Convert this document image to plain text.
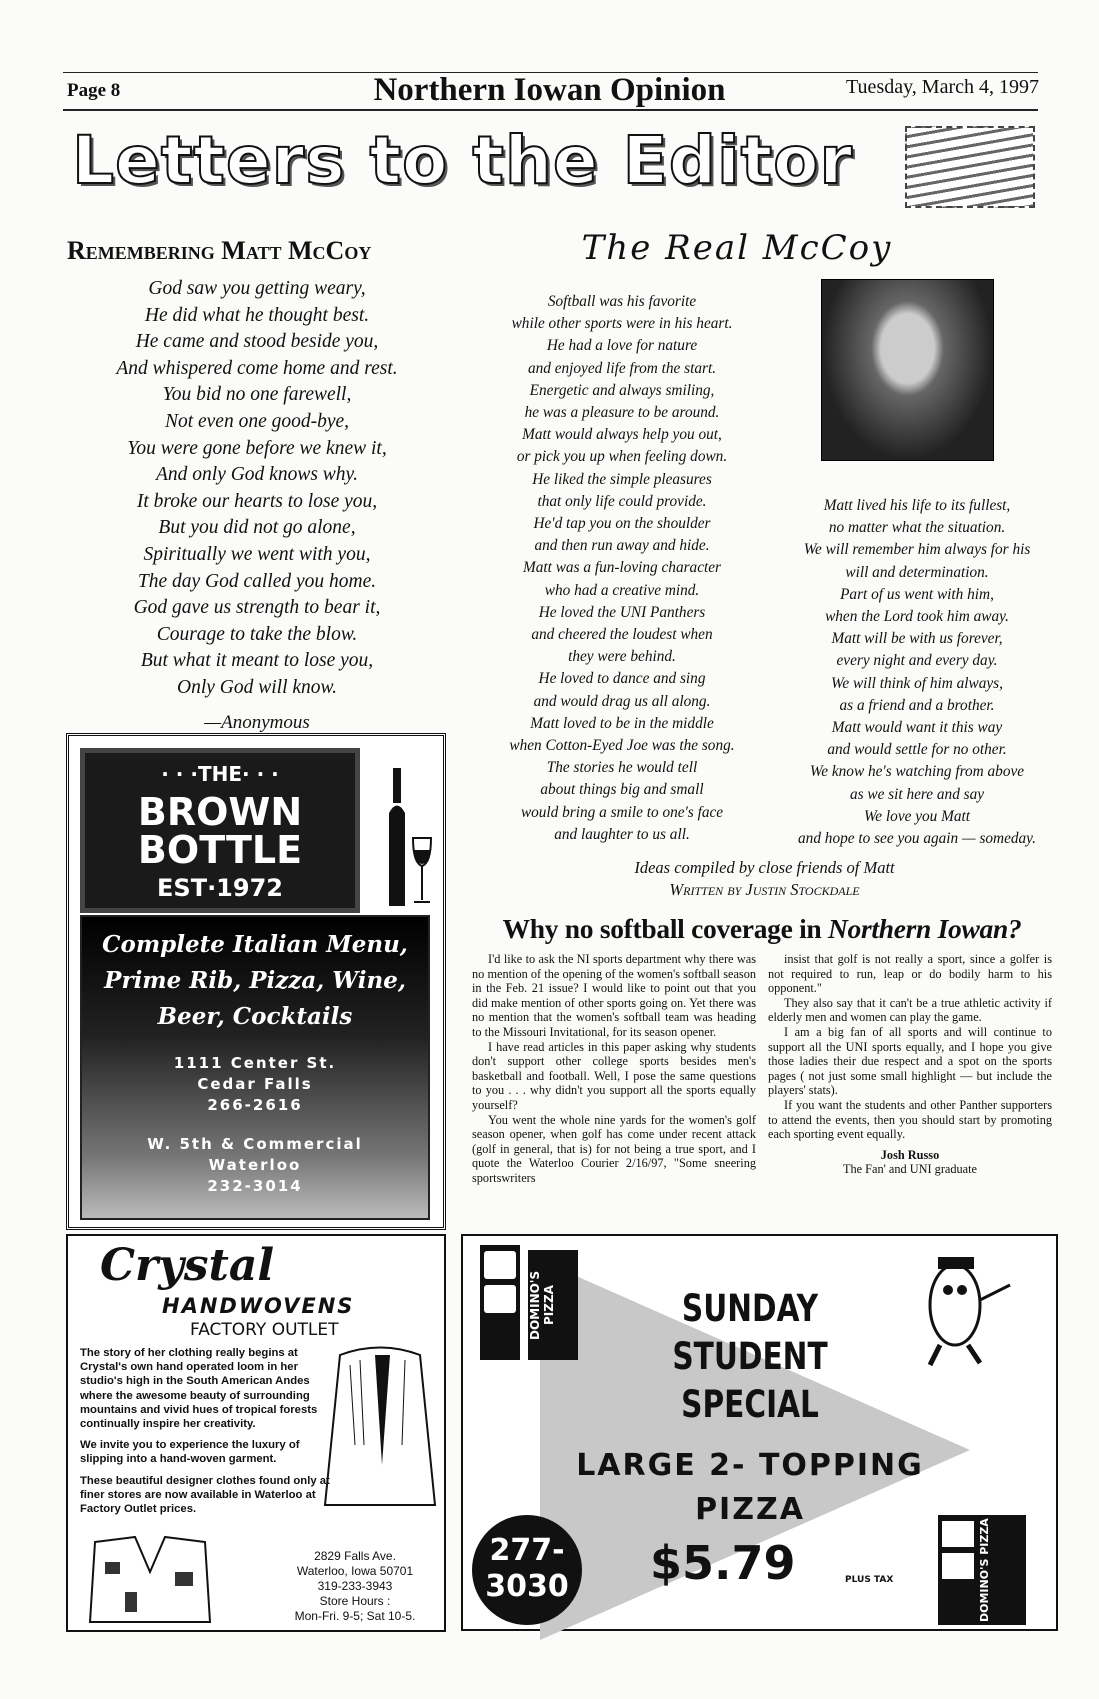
Page 8	Northern Iowan Opinion	Tuesday, March 4, 1997
Letters to the Editor
Remembering Matt McCoy
God saw you getting weary,
He did what he thought best.
He came and stood beside you,
And whispered come home and rest.
You bid no one farewell,
Not even one good-bye,
You were gone before we knew it,
And only God knows why.
It broke our hearts to lose you,
But you did not go alone,
Spiritually we went with you,
The day God called you home.
God gave us strength to bear it,
Courage to take the blow.
But what it meant to lose you,
Only God will know.
—Anonymous
· · ·THE· · ·
BROWN
BOTTLE
EST·1972
Complete Italian Menu,
Prime Rib, Pizza, Wine,
Beer, Cocktails
1111 Center St.
Cedar Falls
266-2616
W. 5th & Commercial
Waterloo
232-3014
Crystal
HANDWOVENS
FACTORY OUTLET
The story of her clothing really begins at Crystal's own hand operated loom in her studio's high in the South American Andes where the awesome beauty of surrounding mountains and vivid hues of tropical forests continually inspire her creativity.
We invite you to experience the luxury of slipping into a hand-woven garment.
These beautiful designer clothes found only at finer stores are now available in Waterloo at Factory Outlet prices.
2829 Falls Ave.
Waterloo, Iowa 50701
319-233-3943
Store Hours :
Mon-Fri. 9-5; Sat 10-5.
The Real McCoy
Softball was his favorite
while other sports were in his heart.
He had a love for nature
and enjoyed life from the start.
Energetic and always smiling,
he was a pleasure to be around.
Matt would always help you out,
or pick you up when feeling down.
He liked the simple pleasures
that only life could provide.
He'd tap you on the shoulder
and then run away and hide.
Matt was a fun-loving character
who had a creative mind.
He loved the UNI Panthers
and cheered the loudest when
they were behind.
He loved to dance and sing
and would drag us all along.
Matt loved to be in the middle
when Cotton-Eyed Joe was the song.
The stories he would tell
about things big and small
would bring a smile to one's face
and laughter to us all.
Matt lived his life to its fullest,
no matter what the situation.
We will remember him always for his
will and determination.
Part of us went with him,
when the Lord took him away.
Matt will be with us forever,
every night and every day.
We will think of him always,
as a friend and a brother.
Matt would want it this way
and would settle for no other.
We know he's watching from above
as we sit here and say
We love you Matt
and hope to see you again — someday.
Ideas compiled by close friends of Matt
Written by Justin Stockdale
Why no softball coverage in Northern Iowan?

I'd like to ask the NI sports department why there was no mention of the opening of the women's softball season in the Feb. 21 issue? I would like to point out that you did make mention of other sports going on. Yet there was no mention that the women's softball team was heading to the Missouri Invitational, for its season opener.

I have read articles in this paper asking why students don't support other college sports besides men's basketball and football. Well, I pose the same questions to you . . . why didn't you support all the sports equally yourself?

You went the whole nine yards for the women's golf season opener, when golf has come under recent attack (golf in general, that is) for not being a true sport, and I quote the Waterloo Courier 2/16/97, "Some sneering sportswriters

insist that golf is not really a sport, since a golfer is not required to run, leap or do bodily harm to his opponent."

They also say that it can't be a true athletic activity if elderly men and women can play the game.

I am a big fan of all sports and will continue to support all the UNI sports equally, and I hope you give those ladies their due respect and a spot on the sports pages ( not just some small highlight — but include the players' stats).

If you want the students and other Panther supporters to attend the events, then you should start by promoting each sporting event equally.

Josh Russo
The Fan' and UNI graduate
DOMINO'S PIZZA
DOMINO'S PIZZA
SUNDAY
STUDENT
SPECIAL
LARGE 2- TOPPING
PIZZA
277-
3030 $5.79	PLUS TAX
